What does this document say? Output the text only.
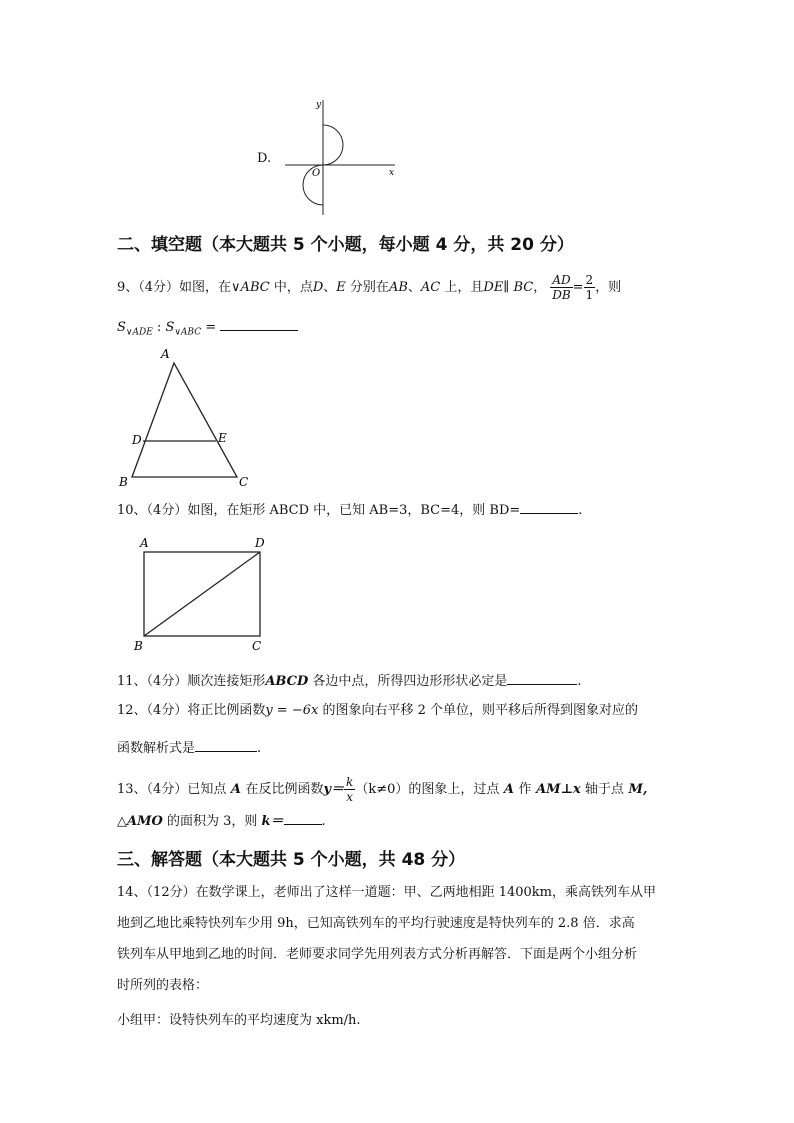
D.
y
x
O
二、填空题（本大题共 5 个小题，每小题 4 分，共 20 分）
9、（4分）如图，在∨ABC 中，点D、E 分别在AB、AC 上，且DE∥ BC， $\frac{AD}{DB} = \frac{2}{1}$ ，则
$S_{\vee ADE}$ : $S_{\vee ABC}$ =
A
D	E
B	C
10、（4分）如图，在矩形 ABCD 中，已知 AB=3，BC=4，则 BD=	.
A	D
B	C
11、（4分）顺次连接矩形ABCD 各边中点，所得四边形形状必定是	.
12、（4分）将正比例函数y = −6x 的图象向右平移 2 个单位，则平移后所得到图象对应的
函数解析式是	.
13、（4分）已知点 A 在反比例函数$y= \frac{k}{x} (k\ne 0)$的图象上，过点 A 作 AM⊥x 轴于点 M,
△AMO 的面积为 3，则 k＝	.
三、解答题（本大题共 5 个小题，共 48 分）
14、（12分）在数学课上，老师出了这样一道题：甲、乙两地相距 1400km，乘高铁列车从甲
地到乙地比乘特快列车少用 9h，已知高铁列车的平均行驶速度是特快列车的 2.8 倍．求高
铁列车从甲地到乙地的时间．老师要求同学先用列表方式分析再解答．下面是两个小组分析
时所列的表格：
小组甲：设特快列车的平均速度为 xkm/h.
